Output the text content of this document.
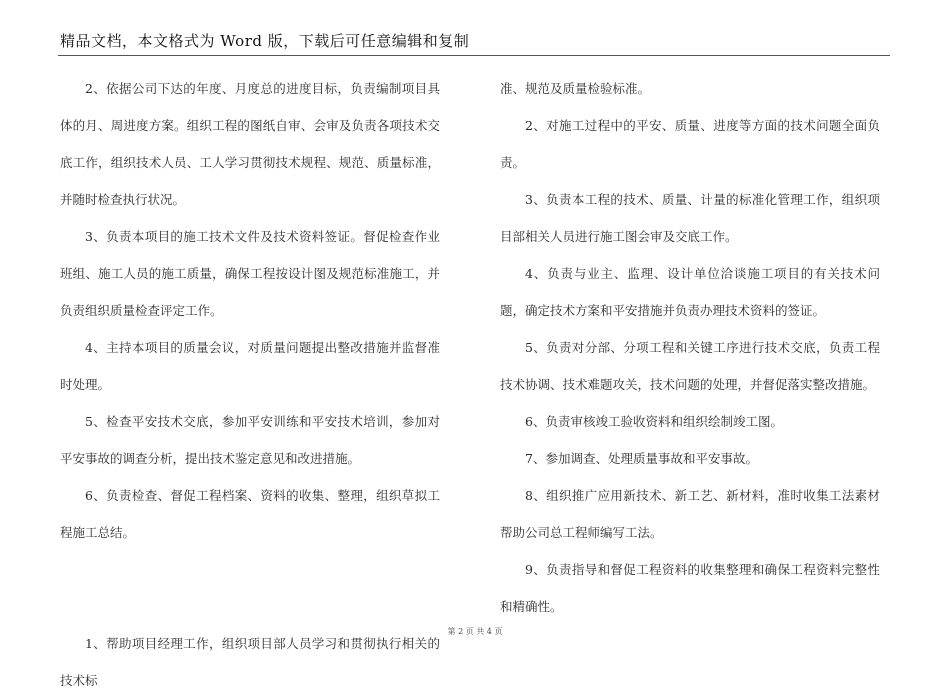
精品文档，本文格式为 Word 版，下载后可任意编辑和复制

2、依据公司下达的年度、月度总的进度目标，负责编制项目具体的月、周进度方案。组织工程的图纸自审、会审及负责各项技术交底工作，组织技术人员、工人学习贯彻技术规程、规范、质量标准，并随时检查执行状况。

3、负责本项目的施工技术文件及技术资料签证。督促检查作业班组、施工人员的施工质量，确保工程按设计图及规范标准施工，并负责组织质量检查评定工作。

4、主持本项目的质量会议，对质量问题提出整改措施并监督准时处理。

5、检查平安技术交底，参加平安训练和平安技术培训，参加对平安事故的调查分析，提出技术鉴定意见和改进措施。

6、负责检查、督促工程档案、资料的收集、整理，组织草拟工程施工总结。

1、帮助项目经理工作，组织项目部人员学习和贯彻执行相关的技术标

准、规范及质量检验标准。

2、对施工过程中的平安、质量、进度等方面的技术问题全面负责。

3、负责本工程的技术、质量、计量的标准化管理工作，组织项目部相关人员进行施工图会审及交底工作。

4、负责与业主、监理、设计单位洽谈施工项目的有关技术问题，确定技术方案和平安措施并负责办理技术资料的签证。

5、负责对分部、分项工程和关键工序进行技术交底，负责工程技术协调、技术难题攻关，技术问题的处理，并督促落实整改措施。

6、负责审核竣工验收资料和组织绘制竣工图。

7、参加调查、处理质量事故和平安事故。

8、组织推广应用新技术、新工艺、新材料，准时收集工法素材帮助公司总工程师编写工法。

9、负责指导和督促工程资料的收集整理和确保工程资料完整性和精确性。

第 2 页 共 4 页
